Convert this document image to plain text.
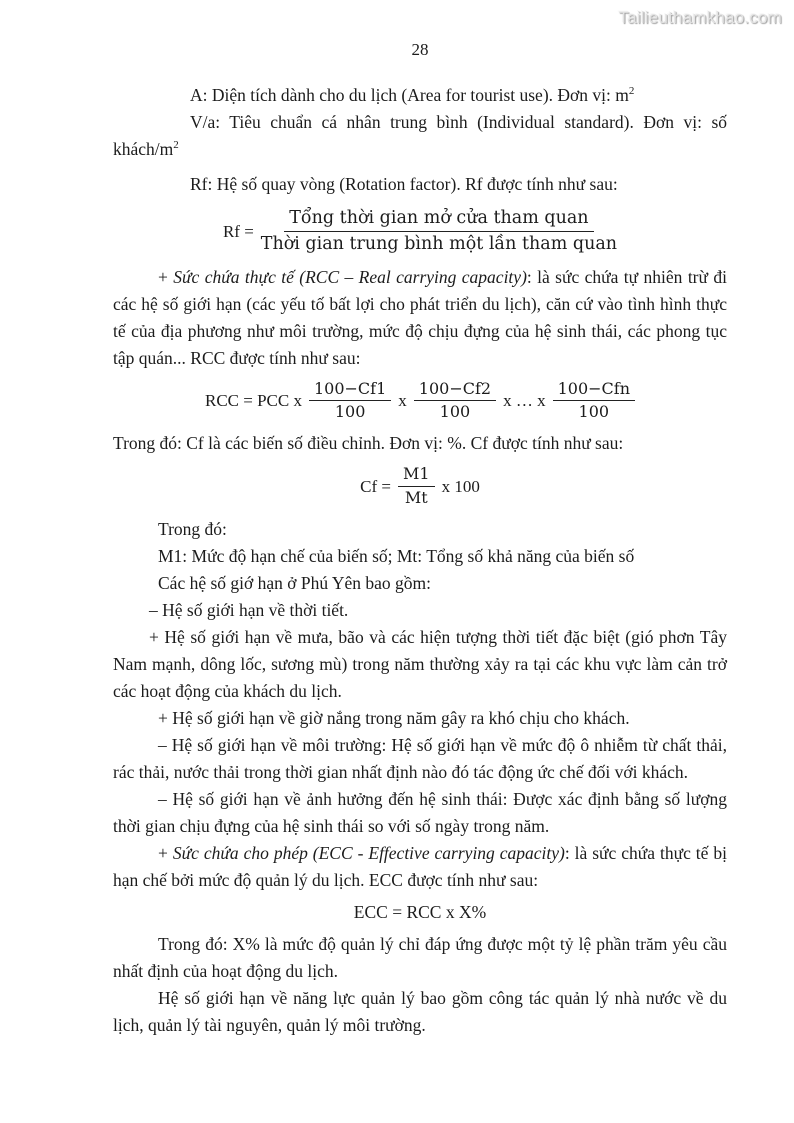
Tailieuthamkhao.com
28

A: Diện tích dành cho du lịch (Area for tourist use). Đơn vị: $m^2$

V/a: Tiêu chuẩn cá nhân trung bình (Individual standard). Đơn vị: số

khách/$m^2$

Rf: Hệ số quay vòng (Rotation factor). Rf được tính như sau:

$Rf = \frac{\text{Tổng thời gian mở cửa tham quan}}{\text{Thời gian trung bình một lần tham quan}}$

+ Sức chứa thực tế (RCC – Real carrying capacity): là sức chứa tự nhiên trừ đi các hệ số giới hạn (các yếu tố bất lợi cho phát triển du lịch), căn cứ vào tình hình thực tế của địa phương như môi trường, mức độ chịu đựng của hệ sinh thái, các phong tục tập quán... RCC được tính như sau:

RCC = PCC x $\frac{100-Cf1}{100}$ x $\frac{100-Cf2}{100}$ x … x $\frac{\text{100−Cfn}}{100}$

Trong đó: Cf là các biến số điều chỉnh. Đơn vị: %. Cf được tính như sau:

$Cf = \frac{M1}{Mt}$ x 100

Trong đó:

M1: Mức độ hạn chế của biến số; Mt: Tổng số khả năng của biến số

Các hệ số giớ hạn ở Phú Yên bao gồm:

– Hệ số giới hạn về thời tiết.

+ Hệ số giới hạn về mưa, bão và các hiện tượng thời tiết đặc biệt (gió phơn Tây Nam mạnh, dông lốc, sương mù) trong năm thường xảy ra tại các khu vực làm cản trở các hoạt động của khách du lịch.

+ Hệ số giới hạn về giờ nắng trong năm gây ra khó chịu cho khách.

– Hệ số giới hạn về môi trường: Hệ số giới hạn về mức độ ô nhiễm từ chất thải, rác thải, nước thải trong thời gian nhất định nào đó tác động ức chế đối với khách.

– Hệ số giới hạn về ảnh hưởng đến hệ sinh thái: Được xác định bằng số lượng thời gian chịu đựng của hệ sinh thái so với số ngày trong năm.

+ Sức chứa cho phép (ECC - Effective carrying capacity): là sức chứa thực tế bị hạn chế bởi mức độ quản lý du lịch. ECC được tính như sau:

ECC = RCC x X%

Trong đó: X% là mức độ quản lý chỉ đáp ứng được một tỷ lệ phần trăm yêu cầu nhất định của hoạt động du lịch.

Hệ số giới hạn về năng lực quản lý bao gồm công tác quản lý nhà nước về du lịch, quản lý tài nguyên, quản lý môi trường.
